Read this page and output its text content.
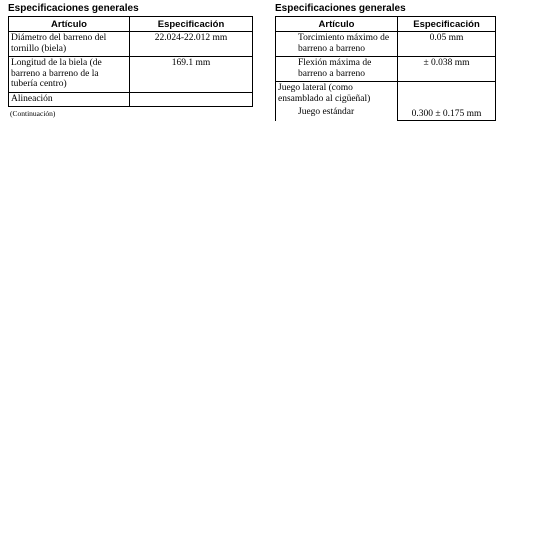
Especificaciones generales
Artículo	Especificación
Diámetro del barreno del tornillo (biela)	22.024-22.012 mm
Longitud de la biela (de barreno a barreno de la tubería centro)	169.1 mm
Alineación	
(Continuación)
Especificaciones generales
Artículo	Especificación
Torcimiento máximo de barreno a barreno	0.05 mm
Flexión máxima de barreno a barreno	± 0.038 mm

Juego lateral (como ensamblado al cigüeñal)
Juego estándar	0.300 ± 0.175 mm
